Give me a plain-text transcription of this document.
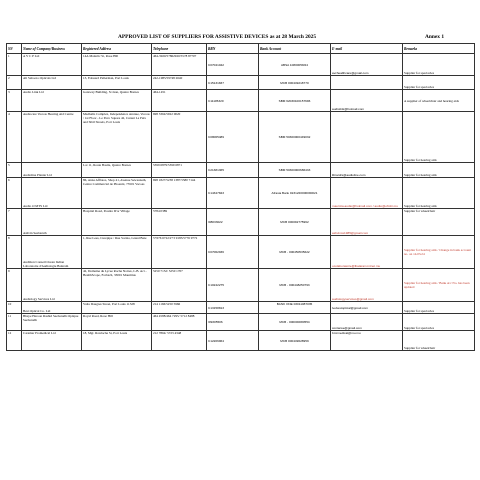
APPROVED LIST OF SUPPLIERS FOR ASSISTIVE DEVICES as at 28 March 2025	Annex 1
SN	Name of Company/Business	Registered Address	Telephone	BRN	Bank Account	E-mail	Remarks
1	A V C P Ltd	14A Malartic St, Rose Hill	464-3920/57862920/5578 87707	C07041042	ABSA 10800058/24	avchealthcare@gmail.com	Supplier for spectacles
2	Ali Sabooto Opticals Ltd	13, Edouard Pellerman, Port Louis	242-1985/59748 2640	C15131837	MCB 000449218770		Supplier for spectacles
3	Audio Link Ltd	Gateway Building, St Jean, Quatre Bornes	464-1451	C11105320	SBM 62030100157696	audiolink@hotmail.com	A supplier of wheelchair and hearing aids
4	Audiocare Vacoas Hearing Aid Centre	Madhalis Complex, Independence Avenue, Vacoas / 1st Floor - Le Pavo Square 42, Curant La Paix and Sibil Streets, Port Louis	698 3364/5922 0020	C08065489	SBM 50300000449032		Supplier for hearing aids
5	Audioline Plantar Ltd	Lot 11, Route Basile, Quatre Bornes	5399 6879/5399 6871	C21381365	SBM 50300000686433	librardrs@audioline.com	Supplier for hearing aids
6	Audio O MTS Ltd	86, Anna Afflatos, Shop 41, Avenue Sewsunath, Centre Commercial de Phoenix, 73501 Vacoas	698 1827/5238 1387/5580 7144	C14347843	Afrasia Bank 0231220000090021	mauricia.audio@hotmail.com / audio@ofmbi.mu	Supplier for hearing aids
7	Ashvin Seebaruth	Hospital Road, Poudre D'or Village	5784 0389	I08033022	MCB 000092775962	ashvinss1985@gmail.com	Supplier for wheelchair
8	Audition Conseil Ocean Indian Laboratoire d'Audiologie Balaram	1, Rue Lees, Curepipe / Rue Sorina, Grand Baie	5+676 6722/2+3 9183/5776 9772	C07062936	MCB - 000450535622	ocolaboratoire@lbalaram.intnet.mu	Supplier for hearing aids / Change in bank account no. on 14.03.24
9	Audiology Services Ltd	42, Domaine du Lycee Roche Noires, L.B. Act - HealthScope, Forbach, 33001 Mauritius	5250 7152/ 5250 1707	C10242275	MCB - 000448250793	audiologyservices@gmail.com	Supplier for hearing aids / Bank A/c No. has been updated
10	Best Optical Co. Ltd	Volta Daugres Street, Port Louis 11328	214 1166/5250 5966	C13158813	BANK ONE 03011087035	ivebestoptical@gmail.com	Supplier for spectacles
11	Bhaye Haroon Rashid Seebarudh Optique Seebarudh	Royal Road, Rose Hill	464 4588/464 7295/ 5712 8488	I09305506	MCB - 000000080554	contanse@gmail.com	Supplier for spectacles
12	Caramer Promedical Ltd	18, Mgr. Rawlache St, Port Louis	212 7864/ 5723 4348	C12206964	MCB 000449628959	bmrmedical@mu.mu	Supplier for wheelchair
